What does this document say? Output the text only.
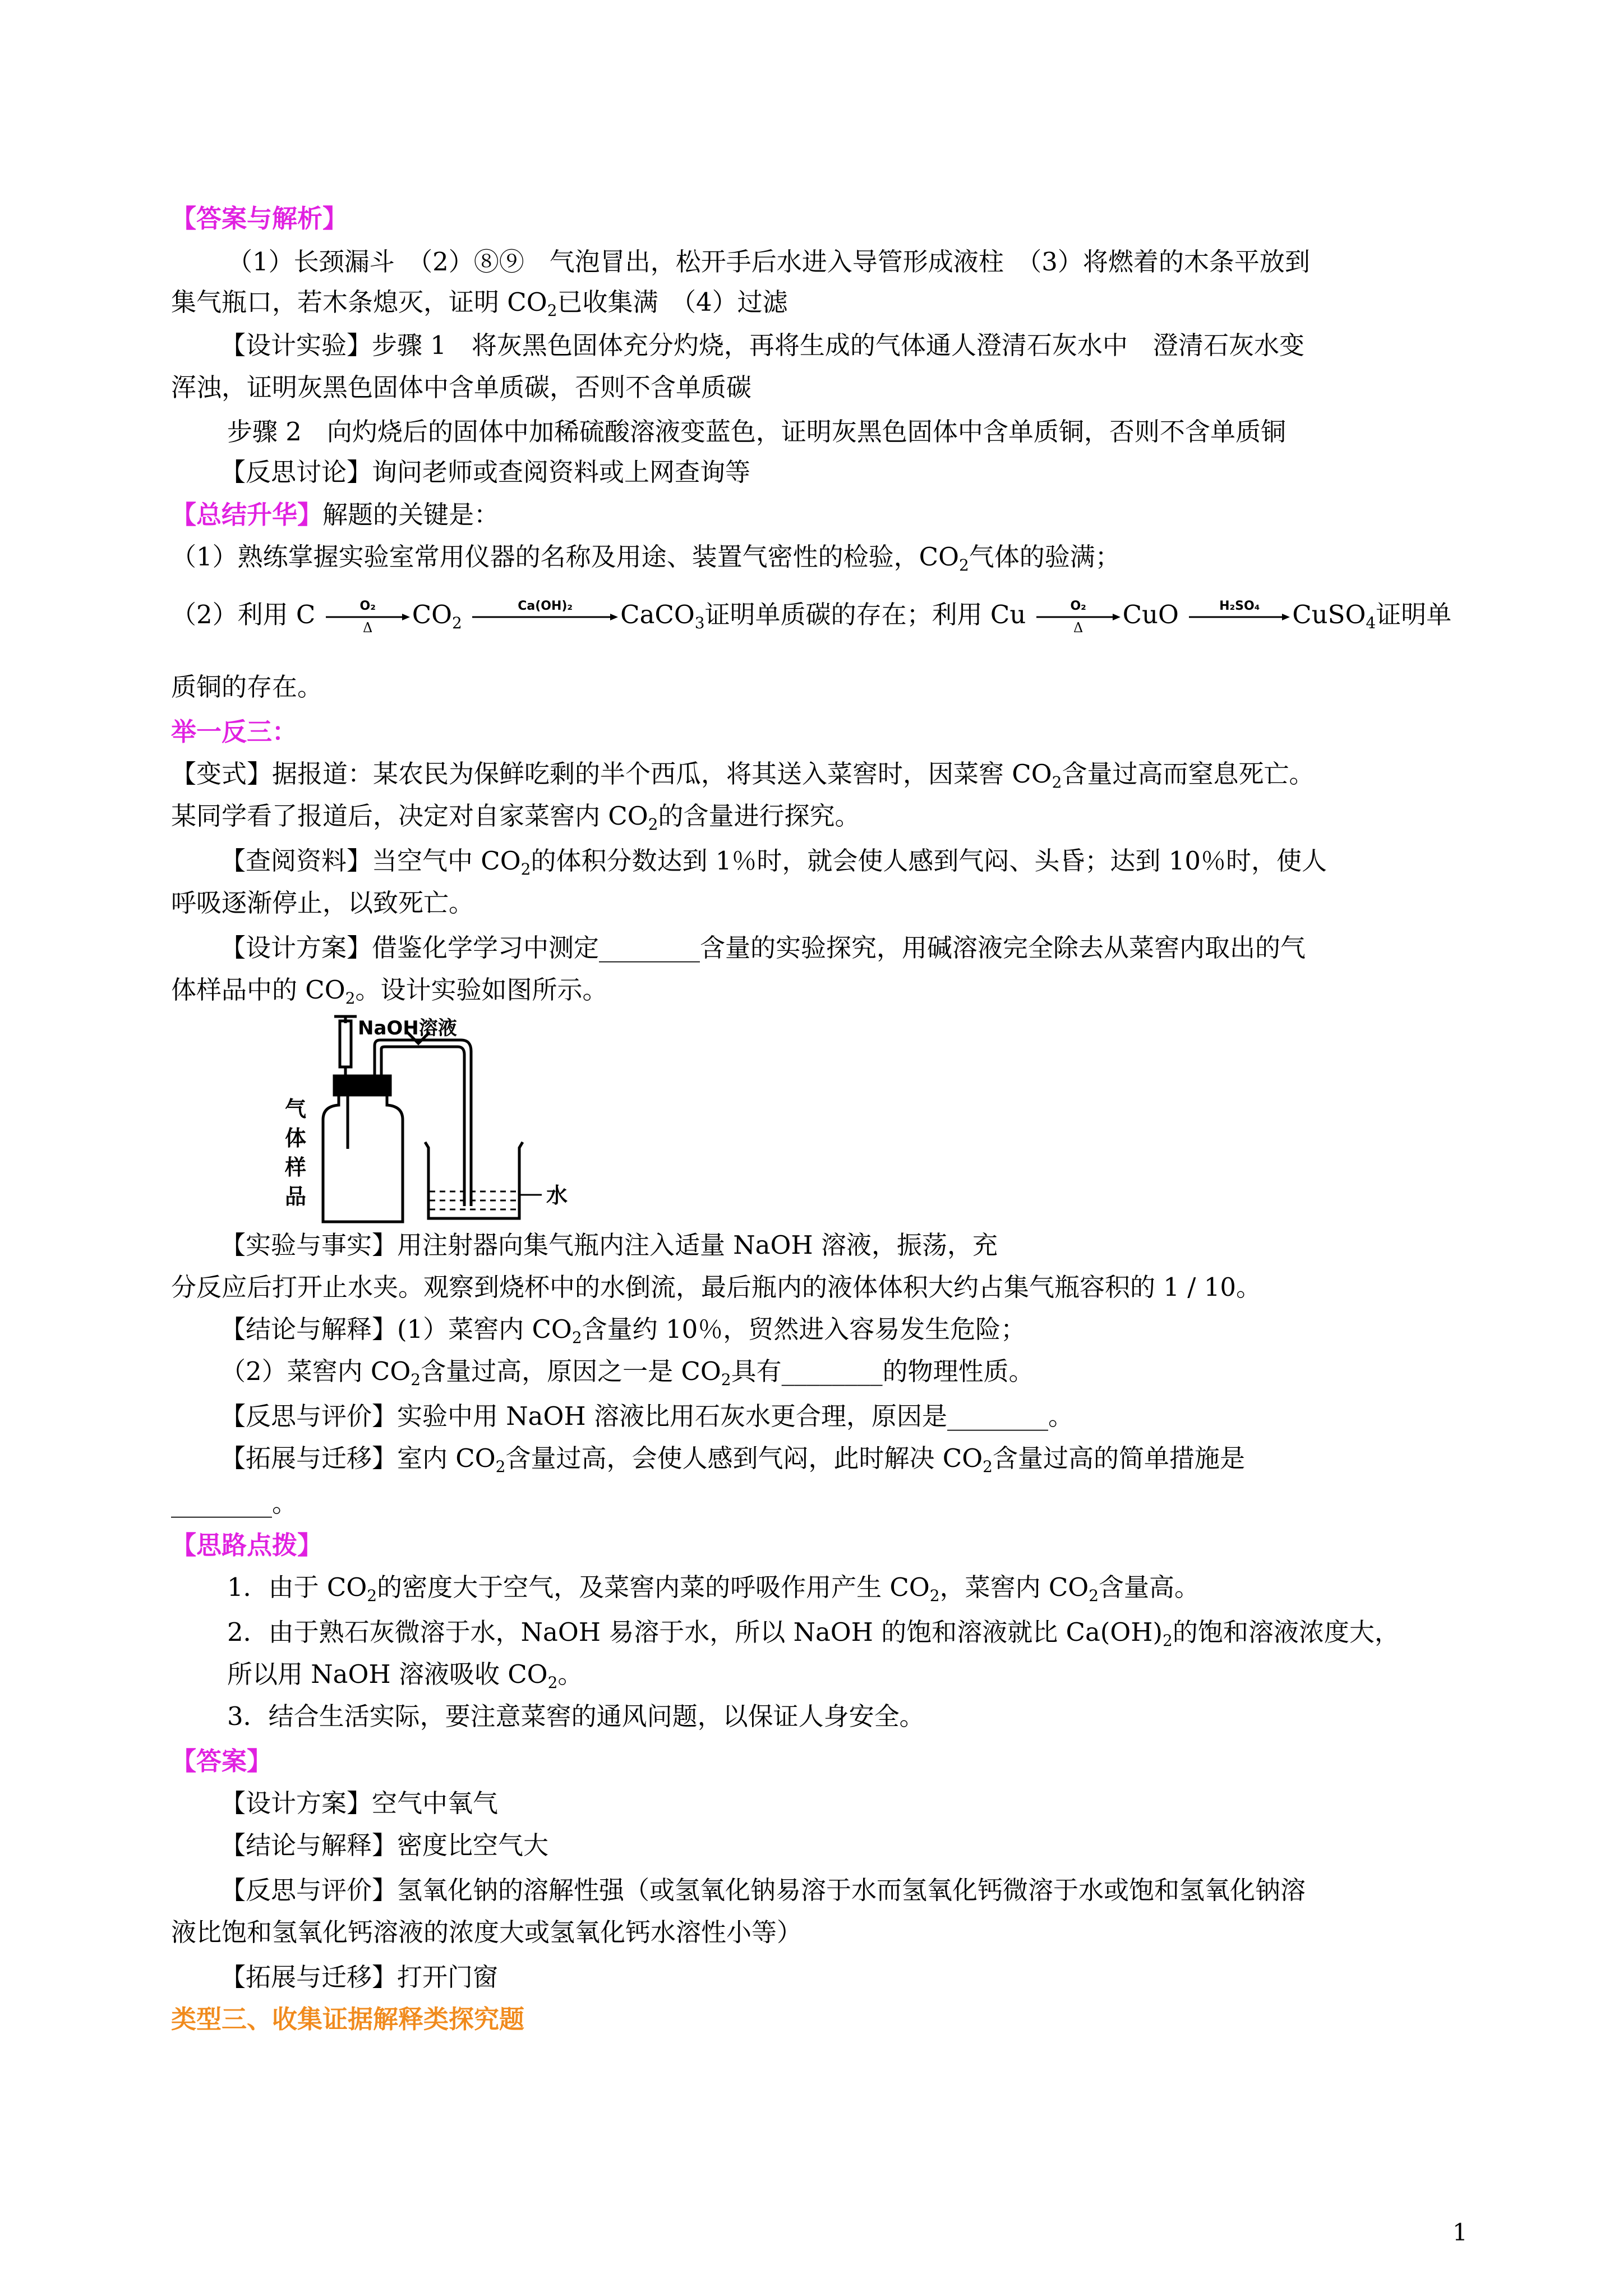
【答案与解析】
（1）长颈漏斗　（2）⑧⑨　气泡冒出，松开手后水进入导管形成液柱　（3）将燃着的木条平放到
集气瓶口，若木条熄灭，证明 $CO_2$已收集满　（4）过滤
【设计实验】步骤 1　将灰黑色固体充分灼烧，再将生成的气体通人澄清石灰水中　澄清石灰水变
浑浊，证明灰黑色固体中含单质碳，否则不含单质碳
步骤 2　向灼烧后的固体中加稀硫酸溶液变蓝色，证明灰黑色固体中含单质铜，否则不含单质铜
【反思讨论】询问老师或查阅资料或上网查询等
【总结升华】解题的关键是：
（1）熟练掌握实验室常用仪器的名称及用途、装置气密性的检验，$CO_2$气体的验满；
（2）利用 C	O₂
Δ	$CO_2$
Ca(OH)₂	CaCO$_3$证明单质碳的存在；利用 Cu	O₂
Δ	CuO	H₂SO₄	CuSO$_4$证明单
质铜的存在。
举一反三：
【变式】据报道：某农民为保鲜吃剩的半个西瓜，将其送入菜窖时，因菜窖 $CO_2$含量过高而窒息死亡。
某同学看了报道后，决定对自家菜窖内 $CO_2$的含量进行探究。
【查阅资料】当空气中 $CO_2$的体积分数达到 1％时，就会使人感到气闷、头昏；达到 10％时，使人
呼吸逐渐停止，以致死亡。
【设计方案】借鉴化学学习中测定________含量的实验探究，用碱溶液完全除去从菜窖内取出的气
体样品中的 $CO_2$。设计实验如图所示。
NaOH溶液
气
体
样
品	水
【实验与事实】用注射器向集气瓶内注入适量 NaOH 溶液，振荡，充
分反应后打开止水夹。观察到烧杯中的水倒流，最后瓶内的液体体积大约占集气瓶容积的 1 / 10。
【结论与解释】(1）菜窖内 $CO_2$含量约 10％，贸然进入容易发生危险；
（2）菜窖内 $CO_2$含量过高，原因之一是 $CO_2$具有________的物理性质。
【反思与评价】实验中用 NaOH 溶液比用石灰水更合理，原因是________。
【拓展与迁移】室内 $CO_2$含量过高，会使人感到气闷，此时解决 $CO_2$含量过高的简单措施是
________。
【思路点拨】
1．由于 $CO_2$的密度大于空气，及菜窖内菜的呼吸作用产生 $CO_2$，菜窖内 $CO_2$含量高。
2．由于熟石灰微溶于水，NaOH 易溶于水，所以 NaOH 的饱和溶液就比 $Ca(OH)_2$的饱和溶液浓度大，
所以用 NaOH 溶液吸收 $CO_2$。
3．结合生活实际，要注意菜窖的通风问题，以保证人身安全。
【答案】
【设计方案】空气中氧气
【结论与解释】密度比空气大
【反思与评价】氢氧化钠的溶解性强（或氢氧化钠易溶于水而氢氧化钙微溶于水或饱和氢氧化钠溶
液比饱和氢氧化钙溶液的浓度大或氢氧化钙水溶性小等）
【拓展与迁移】打开门窗
类型三、收集证据解释类探究题
1
